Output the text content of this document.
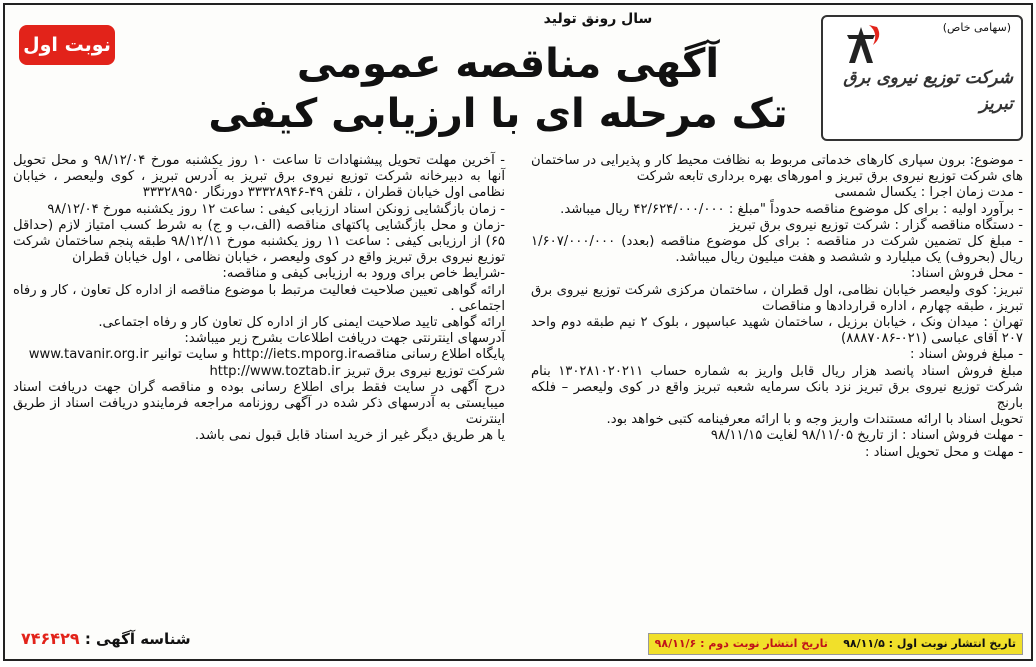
(سهامی خاص)
شرکت توزیع نیروی برق تبریز
سال رونق تولید
آگهی مناقصه عمومی
تک مرحله ای با ارزیابی کیفی
نوبت اول

- موضوع: برون سپاری کارهای خدماتی مربوط به نظافت محیط کار و پذیرایی در ساختمان های شرکت توزیع نیروی برق تبریز و امورهای بهره برداری تابعه شرکت

- مدت زمان اجرا : یکسال شمسی

- برآورد اولیه : برای کل موضوع مناقصه حدوداً "مبلغ : ۴۲/۶۲۴/۰۰۰/۰۰۰ ریال میباشد.

- دستگاه مناقصه گزار : شرکت توزیع نیروی برق تبریز

- مبلغ کل تضمین شرکت در مناقصه : برای کل موضوع مناقصه (بعدد) ۱/۶۰۷/۰۰۰/۰۰۰ ریال (بحروف) یک میلیارد و ششصد و هفت میلیون ریال میباشد.

- محل فروش اسناد:

تبریز: کوی ولیعصر خیابان نظامی، اول قطران ، ساختمان مرکزی شرکت توزیع نیروی برق تبریز ، طبقه چهارم ، اداره قراردادها و مناقصات

تهران : میدان ونک ، خیابان برزیل ، ساختمان شهید عباسپور ، بلوک ۲ نیم طبقه دوم واحد ۲۰۷ آقای عباسی (۰۲۱-۸۸۸۷۰۸۶)

- مبلغ فروش اسناد :

مبلغ فروش اسناد پانصد هزار ریال قابل واریز به شماره حساب ۱۳۰۲۸۱۰۲۰۲۱۱ بنام شرکت توزیع نیروی برق تبریز نزد بانک سرمایه شعبه تبریز واقع در کوی ولیعصر – فلکه بارنج

تحویل اسناد با ارائه مستندات واریز وجه و با ارائه معرفینامه کتبی خواهد بود.

- مهلت فروش اسناد : از تاریخ ۹۸/۱۱/۰۵ لغایت ۹۸/۱۱/۱۵

- مهلت و محل تحویل اسناد :

تاریخ انتشار نوبت اول : ۹۸/۱۱/۵    تاریخ انتشار نوبت دوم : ۹۸/۱۱/۶

- آخرین مهلت تحویل پیشنهادات تا ساعت ۱۰ روز یکشنبه مورخ ۹۸/۱۲/۰۴ و محل تحویل آنها به دبیرخانه شرکت توزیع نیروی برق تبریز به آدرس تبریز ، کوی ولیعصر ، خیابان نظامی اول خیابان قطران ، تلفن ۴۹-۳۳۳۲۸۹۴۶ دورنگار ۳۳۳۲۸۹۵۰

- زمان بازگشایی زونکن اسناد ارزیابی کیفی : ساعت ۱۲ روز یکشنبه مورخ ۹۸/۱۲/۰۴

-زمان و محل بازگشایی پاکتهای مناقصه (الف،ب و ج) به شرط کسب امتیاز لازم (حداقل ۶۵) از ارزیابی کیفی : ساعت ۱۱ روز یکشنبه مورخ ۹۸/۱۲/۱۱ طبقه پنجم ساختمان شرکت توزیع نیروی برق تبریز واقع در کوی ولیعصر ، خیابان نظامی ، اول خیابان قطران

-شرایط خاص برای ورود به ارزیابی کیفی و مناقصه:

ارائه گواهی تعیین صلاحیت فعالیت مرتبط با موضوع مناقصه از اداره کل تعاون ، کار و رفاه اجتماعی .

ارائه گواهی تایید صلاحیت ایمنی کار از اداره کل تعاون کار و رفاه اجتماعی.

آدرسهای اینترنتی جهت دریافت اطلاعات بشرح زیر میباشد:

پایگاه اطلاع رسانی مناقصه‌http://iets.mporg.ir و سایت توانیر www.tavanir.org.ir

شرکت توزیع نیروی برق تبریز http://www.toztab.ir

درج آگهی در سایت فقط برای اطلاع رسانی بوده و مناقصه گران جهت دریافت اسناد میبایستی به آدرسهای ذکر شده در آگهی روزنامه مراجعه فرمایندو دریافت اسناد از طریق اینترنت

یا هر طریق دیگر غیر از خرید اسناد قابل قبول نمی باشد.

شناسه آگهی : ۷۴۶۴۲۹
